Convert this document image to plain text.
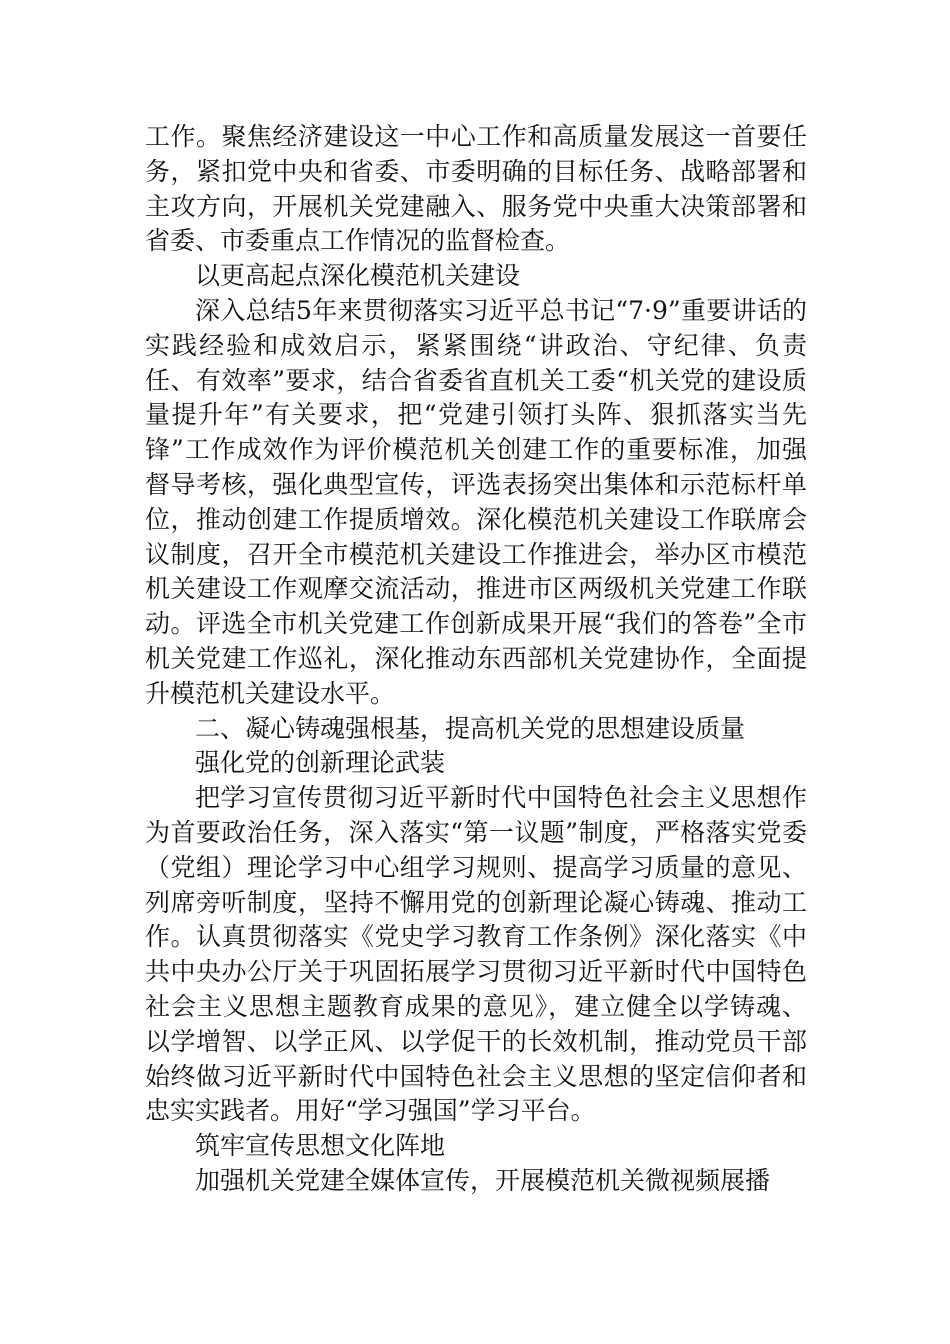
工作。聚焦经济建设这一中心工作和高质量发展这一首要任务，紧扣党中央和省委、市委明确的目标任务、战略部署和主攻方向，开展机关党建融入、服务党中央重大决策部署和省委、市委重点工作情况的监督检查。

以更高起点深化模范机关建设

深入总结5年来贯彻落实习近平总书记“7·9”重要讲话的实践经验和成效启示，紧紧围绕“讲政治、守纪律、负责任、有效率”要求，结合省委省直机关工委“机关党的建设质量提升年”有关要求，把“党建引领打头阵、狠抓落实当先锋”工作成效作为评价模范机关创建工作的重要标准，加强督导考核，强化典型宣传，评选表扬突出集体和示范标杆单位，推动创建工作提质增效。深化模范机关建设工作联席会议制度，召开全市模范机关建设工作推进会，举办区市模范机关建设工作观摩交流活动，推进市区两级机关党建工作联动。评选全市机关党建工作创新成果开展“我们的答卷”全市机关党建工作巡礼，深化推动东西部机关党建协作，全面提升模范机关建设水平。

二、凝心铸魂强根基，提高机关党的思想建设质量

强化党的创新理论武装

把学习宣传贯彻习近平新时代中国特色社会主义思想作为首要政治任务，深入落实“第一议题”制度，严格落实党委（党组）理论学习中心组学习规则、提高学习质量的意见、列席旁听制度，坚持不懈用党的创新理论凝心铸魂、推动工作。认真贯彻落实《党史学习教育工作条例》深化落实《中共中央办公厅关于巩固拓展学习贯彻习近平新时代中国特色社会主义思想主题教育成果的意见》，建立健全以学铸魂、以学增智、以学正风、以学促干的长效机制，推动党员干部始终做习近平新时代中国特色社会主义思想的坚定信仰者和忠实实践者。用好“学习强国”学习平台。

筑牢宣传思想文化阵地

加强机关党建全媒体宣传，开展模范机关微视频展播
